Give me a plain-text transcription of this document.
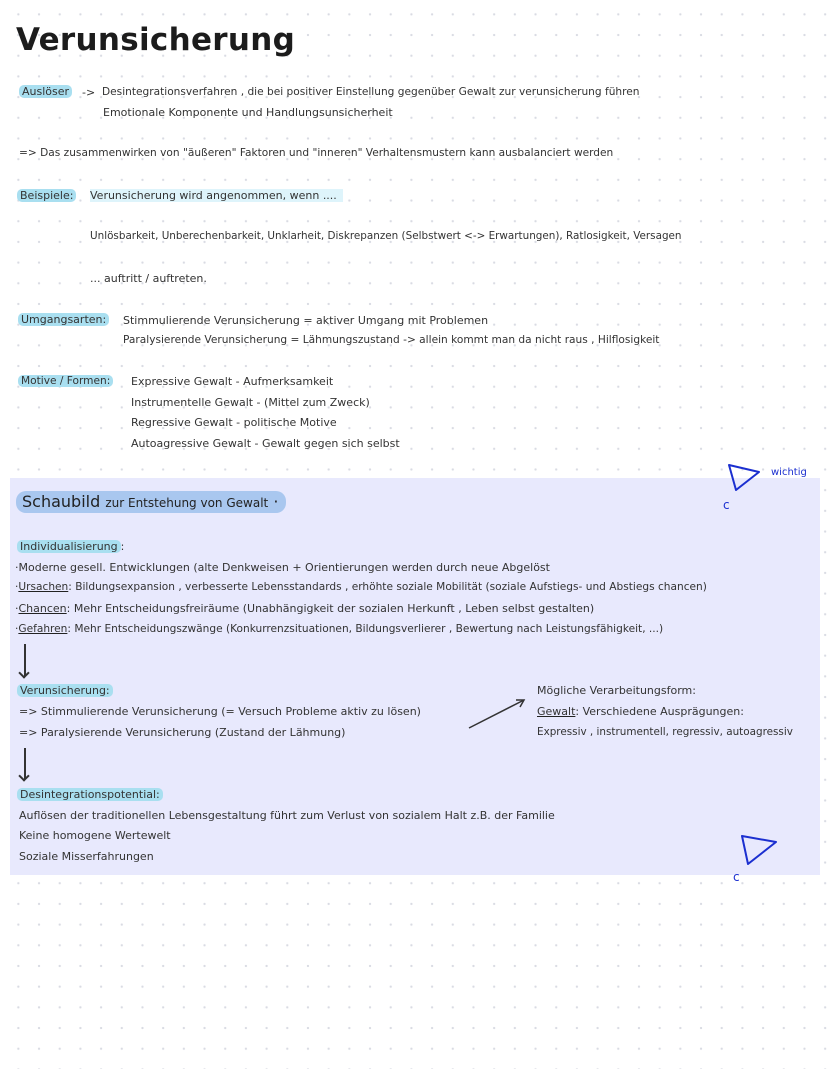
Verunsicherung
Auslöser -> Desintegrationsverfahren , die bei positiver Einstellung gegenüber Gewalt zur verunsicherung führen
Emotionale Komponente und Handlungsunsicherheit
=> Das zusammenwirken von "äußeren" Faktoren und "inneren" Verhaltensmustern kann ausbalanciert werden
Beispiele: Verunsicherung wird angenommen, wenn ....
Unlösbarkeit, Unberechenbarkeit, Unklarheit, Diskrepanzen (Selbstwert <-> Erwartungen), Ratlosigkeit, Versagen
... auftritt / auftreten.
Umgangsarten: Stimmulierende Verunsicherung = aktiver Umgang mit Problemen
Paralysierende Verunsicherung = Lähmungszustand -> allein kommt man da nicht raus , Hilflosigkeit
Motive / Formen: Expressive Gewalt - Aufmerksamkeit
Instrumentelle Gewalt - (Mittel zum Zweck)
Regressive Gewalt - politische Motive
Autoagressive Gewalt - Gewalt gegen sich selbst
wichtig
c
Schaubild zur Entstehung von Gewalt ·
Individualisierung :
·Moderne gesell. Entwicklungen (alte Denkweisen + Orientierungen werden durch neue Abgelöst
·Ursachen: Bildungsexpansion , verbesserte Lebensstandards , erhöhte soziale Mobilität (soziale Aufstiegs- und Abstiegs chancen)
·Chancen: Mehr Entscheidungsfreiräume (Unabhängigkeit der sozialen Herkunft , Leben selbst gestalten)
·Gefahren: Mehr Entscheidungszwänge (Konkurrenzsituationen, Bildungsverlierer , Bewertung nach Leistungsfähigkeit, ...)
Verunsicherung:
=> Stimmulierende Verunsicherung (= Versuch Probleme aktiv zu lösen)
=> Paralysierende Verunsicherung (Zustand der Lähmung)
Mögliche Verarbeitungsform:
Gewalt: Verschiedene Ausprägungen:
Expressiv , instrumentell, regressiv, autoagressiv
Desintegrationspotential:
Auflösen der traditionellen Lebensgestaltung führt zum Verlust von sozialem Halt z.B. der Familie
Keine homogene Wertewelt
Soziale Misserfahrungen
c
